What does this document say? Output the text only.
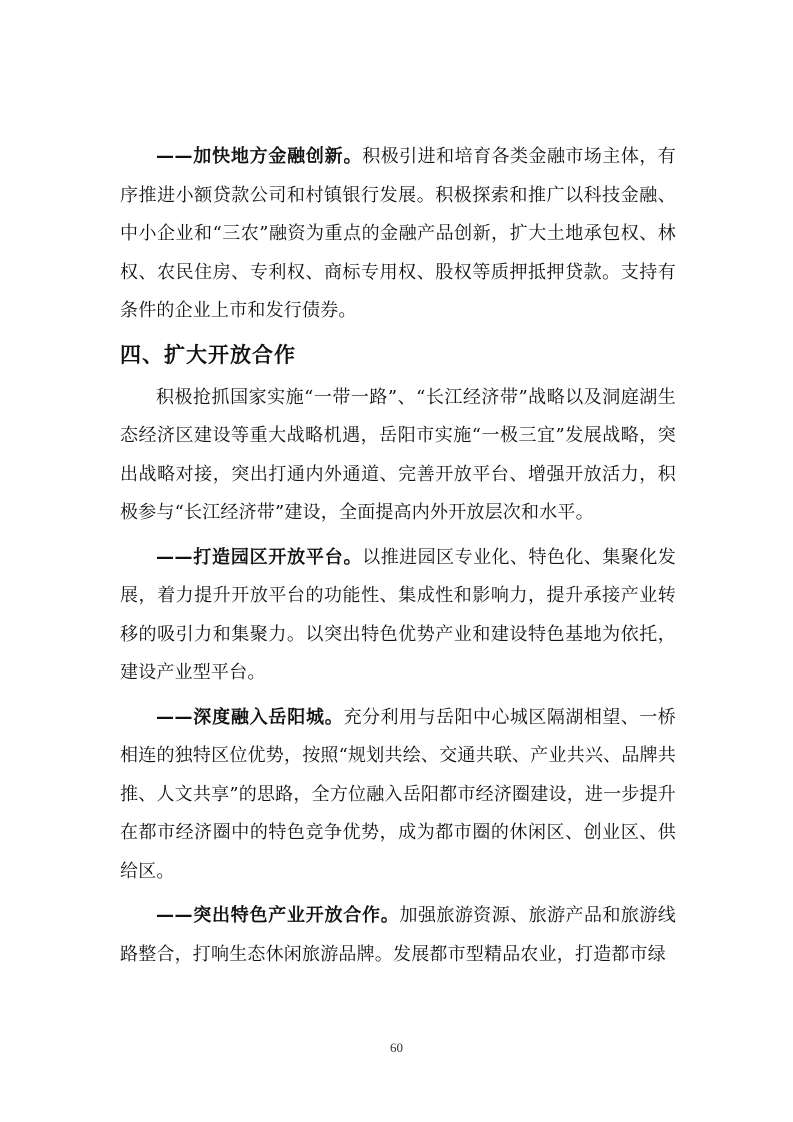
——加快地方金融创新。积极引进和培育各类金融市场主体，有序推进小额贷款公司和村镇银行发展。积极探索和推广以科技金融、中小企业和“三农”融资为重点的金融产品创新，扩大土地承包权、林权、农民住房、专利权、商标专用权、股权等质押抵押贷款。支持有条件的企业上市和发行债券。

四、扩大开放合作

积极抢抓国家实施“一带一路”、“长江经济带”战略以及洞庭湖生态经济区建设等重大战略机遇，岳阳市实施“一极三宜”发展战略，突出战略对接，突出打通内外通道、完善开放平台、增强开放活力，积极参与“长江经济带”建设，全面提高内外开放层次和水平。

——打造园区开放平台。以推进园区专业化、特色化、集聚化发展，着力提升开放平台的功能性、集成性和影响力，提升承接产业转移的吸引力和集聚力。以突出特色优势产业和建设特色基地为依托，建设产业型平台。

——深度融入岳阳城。充分利用与岳阳中心城区隔湖相望、一桥相连的独特区位优势，按照“规划共绘、交通共联、产业共兴、品牌共推、人文共享”的思路，全方位融入岳阳都市经济圈建设，进一步提升在都市经济圈中的特色竞争优势，成为都市圈的休闲区、创业区、供给区。

——突出特色产业开放合作。加强旅游资源、旅游产品和旅游线路整合，打响生态休闲旅游品牌。发展都市型精品农业，打造都市绿

60
